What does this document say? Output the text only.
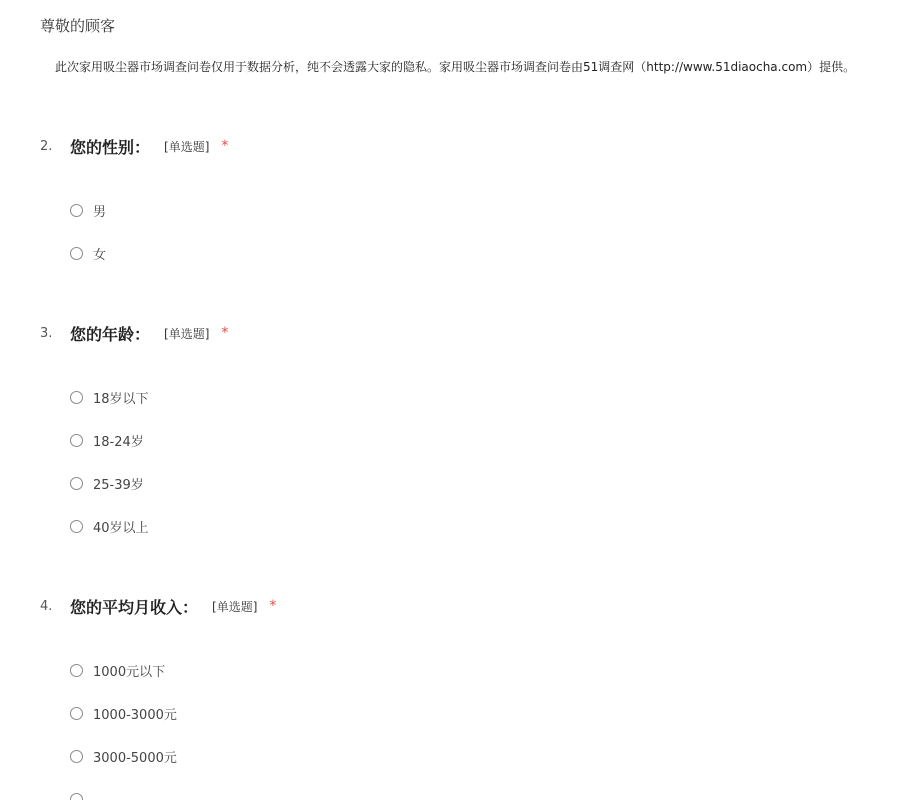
尊敬的顾客
此次家用吸尘器市场调查问卷仅用于数据分析，纯不会透露大家的隐私。家用吸尘器市场调查问卷由51调查网（http://www.51diaocha.com）提供。
2.	您的性别： [单选题] *
男
女
3.	您的年龄： [单选题] *
18岁以下
18-24岁
25-39岁
40岁以上
4.	您的平均月收入： [单选题] *
1000元以下
1000-3000元
3000-5000元
